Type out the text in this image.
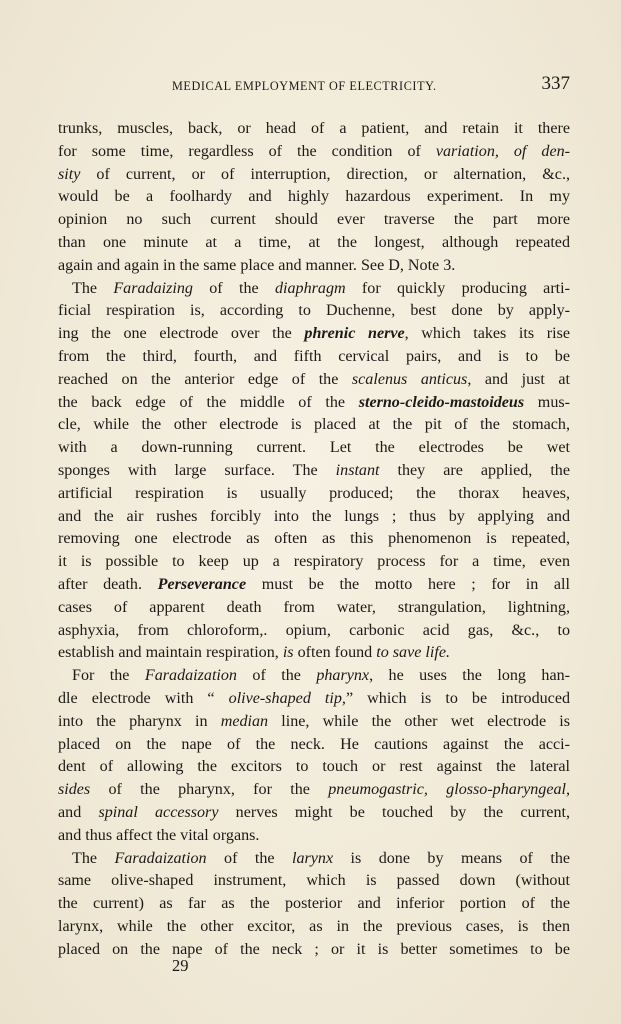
MEDICAL EMPLOYMENT OF ELECTRICITY.	337
trunks, muscles, back, or head of a patient, and retain it there
for some time, regardless of the condition of variation, of den-
sity of current, or of interruption, direction, or alternation, &c.,
would be a foolhardy and highly hazardous experiment. In my
opinion no such current should ever traverse the part more
than one minute at a time, at the longest, although repeated
again and again in the same place and manner. See D, Note 3.
The Faradaizing of the diaphragm for quickly producing arti-
ficial respiration is, according to Duchenne, best done by apply-
ing the one electrode over the phrenic nerve, which takes its rise
from the third, fourth, and fifth cervical pairs, and is to be
reached on the anterior edge of the scalenus anticus, and just at
the back edge of the middle of the sterno-cleido-mastoideus mus-
cle, while the other electrode is placed at the pit of the stomach,
with a down-running current. Let the electrodes be wet
sponges with large surface. The instant they are applied, the
artificial respiration is usually produced; the thorax heaves,
and the air rushes forcibly into the lungs ; thus by applying and
removing one electrode as often as this phenomenon is repeated,
it is possible to keep up a respiratory process for a time, even
after death. Perseverance must be the motto here ; for in all
cases of apparent death from water, strangulation, lightning,
asphyxia, from chloroform,. opium, carbonic acid gas, &c., to
establish and maintain respiration, is often found to save life.
For the Faradaization of the pharynx, he uses the long han-
dle electrode with “ olive-shaped tip,” which is to be introduced
into the pharynx in median line, while the other wet electrode is
placed on the nape of the neck. He cautions against the acci-
dent of allowing the excitors to touch or rest against the lateral
sides of the pharynx, for the pneumogastric, glosso-pharyngeal,
and spinal accessory nerves might be touched by the current,
and thus affect the vital organs.
The Faradaization of the larynx is done by means of the
same olive-shaped instrument, which is passed down (without
the current) as far as the posterior and inferior portion of the
larynx, while the other excitor, as in the previous cases, is then
placed on the nape of the neck ; or it is better sometimes to be
29
